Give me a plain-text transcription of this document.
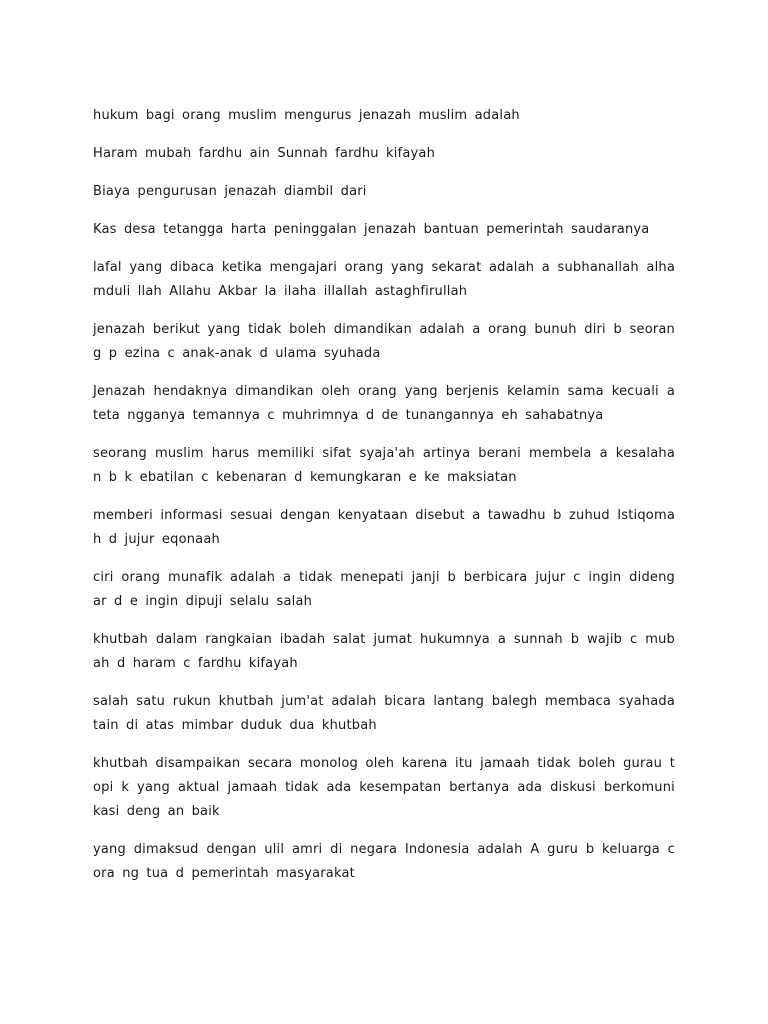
hukum bagi orang muslim mengurus jenazah muslim adalah

Haram mubah fardhu ain Sunnah fardhu kifayah

Biaya pengurusan jenazah diambil dari

Kas desa tetangga harta peninggalan jenazah bantuan pemerintah saudaranya

lafal yang dibaca ketika mengajari orang yang sekarat adalah a subhanallah alhamduli llah Allahu Akbar la ilaha illallah astaghfirullah

jenazah berikut yang tidak boleh dimandikan adalah a orang bunuh diri b seorang p ezina c anak-anak d ulama syuhada

Jenazah hendaknya dimandikan oleh orang yang berjenis kelamin sama kecuali a teta ngganya temannya c muhrimnya d de tunangannya eh sahabatnya

seorang muslim harus memiliki sifat syaja'ah artinya berani membela a kesalahan b k ebatilan c kebenaran d kemungkaran e ke maksiatan

memberi informasi sesuai dengan kenyataan disebut a tawadhu b zuhud Istiqomah d jujur eqonaah

ciri orang munafik adalah a tidak menepati janji b berbicara jujur c ingin didengar d e ingin dipuji selalu salah

khutbah dalam rangkaian ibadah salat jumat hukumnya a sunnah b wajib c mubah d haram c fardhu kifayah

salah satu rukun khutbah jum'at adalah bicara lantang balegh membaca syahadatain di atas mimbar duduk dua khutbah

khutbah disampaikan secara monolog oleh karena itu jamaah tidak boleh gurau topi k yang aktual jamaah tidak ada kesempatan bertanya ada diskusi berkomunikasi deng an baik

yang dimaksud dengan ulil amri di negara Indonesia adalah A guru b keluarga c ora ng tua d pemerintah masyarakat
